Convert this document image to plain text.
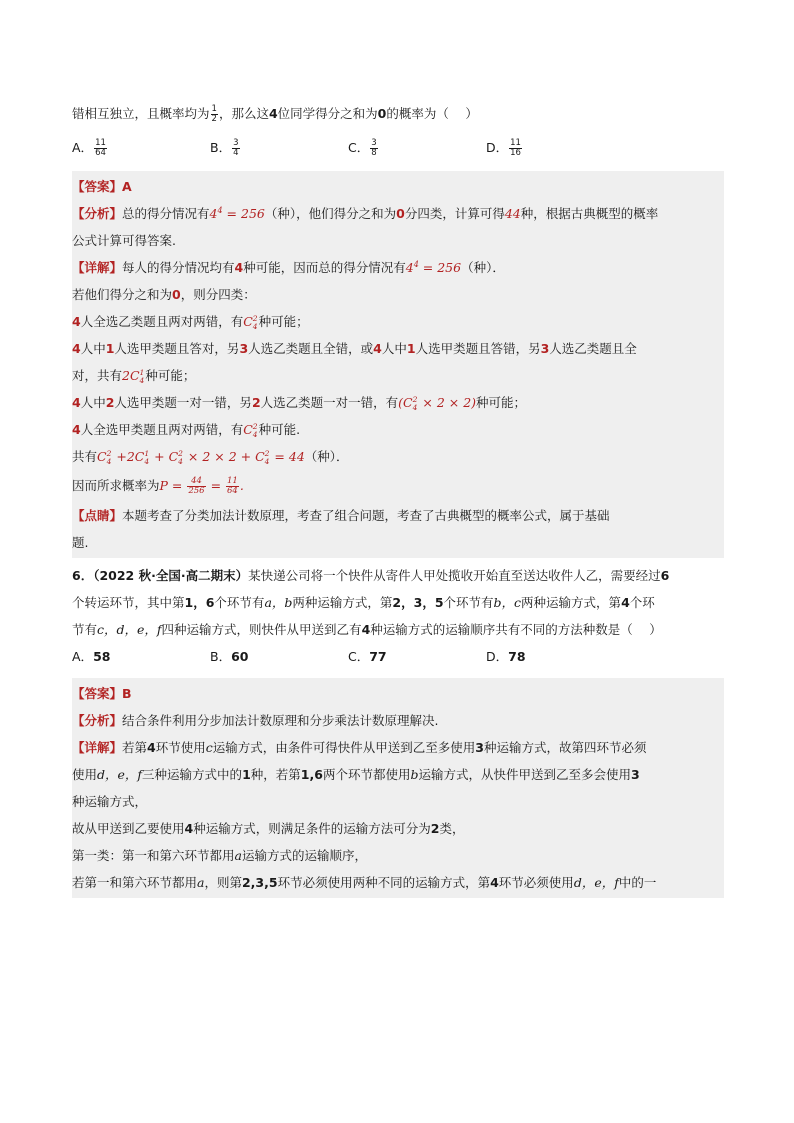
错相互独立，且概率均为 $\frac{1}{2}$ ，那么这4位同学得分之和为0的概率为（　 ）
A． $\frac{11}{64}$	B． $\frac{3}{4}$	C． $\frac{3}{8}$	D． $\frac{11}{16}$
【答案】A
【分析】总的得分情况有$4^4 = 256$（种），他们得分之和为0分四类，计算可得44种，根据古典概型的概率
公式计算可得答案.
【详解】每人的得分情况均有4种可能，因而总的得分情况有$4^4 = 256$（种）．
若他们得分之和为0，则分四类：
4人全选乙类题且两对两错，有C 2
4 种可能；
4人中1人选甲类题且答对，另3人选乙类题且全错，或4人中1人选甲类题且答错，另3人选乙类题且全
对，共有2C 1
4 种可能；
4人中2人选甲类题一对一错，另2人选乙类题一对一错，有(C 2
4 × 2 × 2)种可能；
4人全选甲类题且两对两错，有C 2
4 种可能.
共有C 2
4 +2C 1
4 + C 2
4 × 2 × 2 + C 2
4 = 44（种）．
因而所求概率为$P = \frac{44}{256} = \frac{11}{64}$ .
【点睛】本题考查了分类加法计数原理，考查了组合问题，考查了古典概型的概率公式，属于基础
题.
6．（2022 秋·全国·高二期末）某快递公司将一个快件从寄件人甲处揽收开始直至送达收件人乙，需要经过6
个转运环节，其中第1，6个环节有a，b两种运输方式，第2，3，5个环节有b，c两种运输方式，第4个环
节有c，d，e，f四种运输方式，则快件从甲送到乙有4种运输方式的运输顺序共有不同的方法种数是（　 ）
A．58	B．60	C．77	D．78
【答案】B
【分析】结合条件利用分步加法计数原理和分步乘法计数原理解决.
【详解】若第4环节使用c运输方式，由条件可得快件从甲送到乙至多使用3种运输方式，故第四环节必须
使用d，e，f三种运输方式中的1种，若第1,6两个环节都使用b运输方式，从快件甲送到乙至多会使用3
种运输方式，
故从甲送到乙要使用4种运输方式，则满足条件的运输方法可分为2类，
第一类：第一和第六环节都用a运输方式的运输顺序，
若第一和第六环节都用a，则第2,3,5环节必须使用两种不同的运输方式，第4环节必须使用d，e，f中的一
